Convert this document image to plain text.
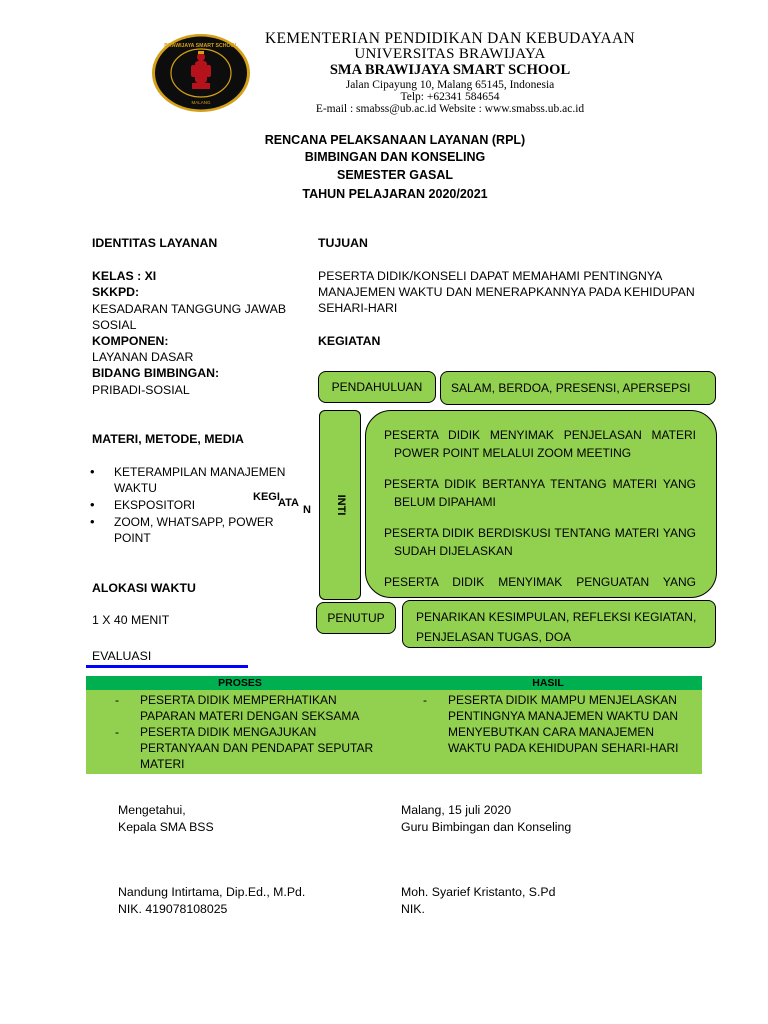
BRAWIJAYA SMART SCHOOL
MALANG
KEMENTERIAN PENDIDIKAN DAN KEBUDAYAAN
UNIVERSITAS BRAWIJAYA
SMA BRAWIJAYA SMART SCHOOL
Jalan Cipayung 10, Malang 65145, Indonesia
Telp: +62341 584654
E-mail : smabss@ub.ac.id Website : www.smabss.ub.ac.id
RENCANA PELAKSANAAN LAYANAN (RPL)
BIMBINGAN DAN KONSELING
SEMESTER GASAL
TAHUN PELAJARAN 2020/2021
IDENTITAS LAYANAN
KELAS : XI
SKKPD:
KESADARAN TANGGUNG JAWAB
SOSIAL
KOMPONEN:
LAYANAN DASAR
BIDANG BIMBINGAN:
PRIBADI-SOSIAL
MATERI, METODE, MEDIA
• KETERAMPILAN MANAJEMEN
WAKTU
• EKSPOSITORI
• ZOOM, WHATSAPP, POWER
POINT
ALOKASI WAKTU
1 X 40 MENIT
EVALUASI
TUJUAN
PESERTA DIDIK/KONSELI DAPAT MEMAHAMI PENTINGNYA
MANAJEMEN WAKTU DAN MENERAPKANNYA PADA KEHIDUPAN
SEHARI-HARI
KEGIATAN
PENDAHULUAN SALAM, BERDOA, PRESENSI, APERSEPSI
KEGI
ATA
N INTI
PESERTA DIDIK MENYIMAK PENJELASAN MATERI
POWER POINT MELALUI ZOOM MEETING
PESERTA DIDIK BERTANYA TENTANG MATERI YANG
BELUM DIPAHAMI
PESERTA DIDIK BERDISKUSI TENTANG MATERI YANG
SUDAH DIJELASKAN
PESERTA DIDIK MENYIMAK PENGUATAN YANG
PENUTUP	PENARIKAN KESIMPULAN, REFLEKSI KEGIATAN,
PENJELASAN TUGAS, DOA
PROSES	HASIL
- PESERTA DIDIK MEMPERHATIKAN
PAPARAN MATERI DENGAN SEKSAMA
- PESERTA DIDIK MENGAJUKAN
PERTANYAAN DAN PENDAPAT SEPUTAR
MATERI
- PESERTA DIDIK MAMPU MENJELASKAN
PENTINGNYA MANAJEMEN WAKTU DAN
MENYEBUTKAN CARA MANAJEMEN
WAKTU PADA KEHIDUPAN SEHARI-HARI
Mengetahui,
Kepala SMA BSS
Nandung Intirtama, Dip.Ed., M.Pd.
NIK. 419078108025
Malang, 15 juli 2020
Guru Bimbingan dan Konseling
Moh. Syarief Kristanto, S.Pd
NIK.
